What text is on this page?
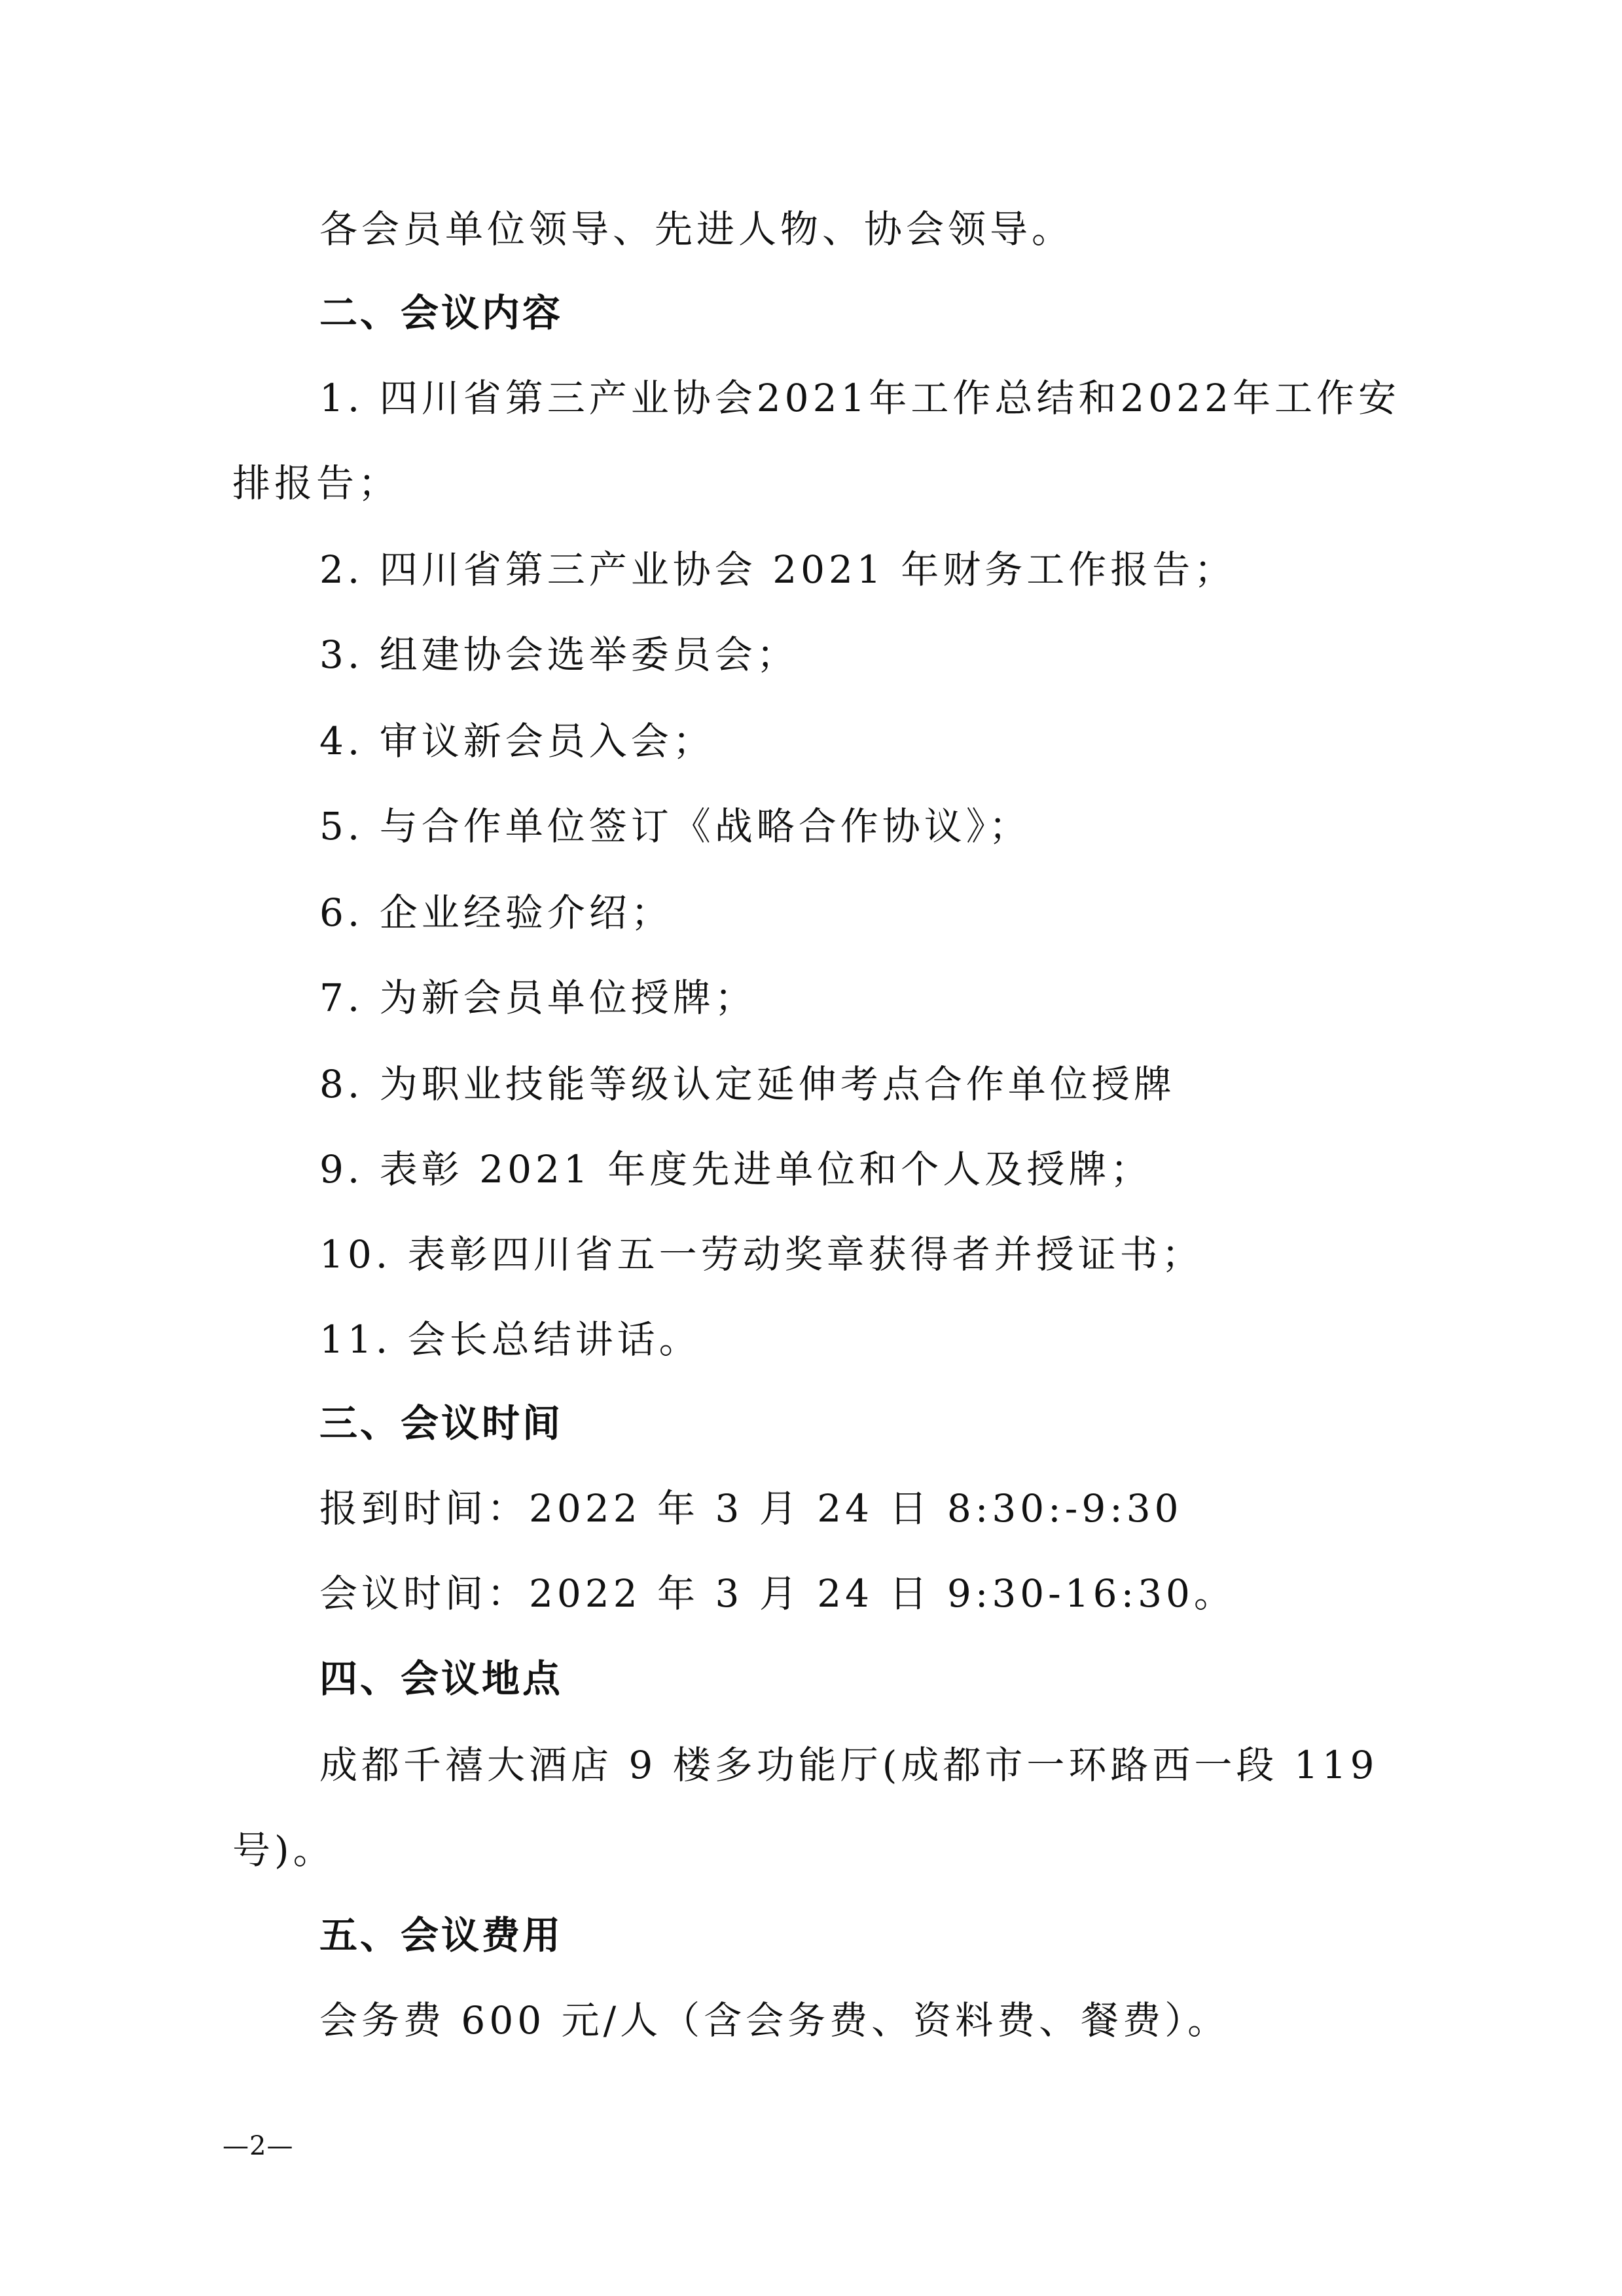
各会员单位领导、先进人物、协会领导。
二、会议内容
1. 四川省第三产业协会2021年工作总结和2022年工作安
排报告；
2. 四川省第三产业协会 2021 年财务工作报告；
3. 组建协会选举委员会；
4. 审议新会员入会；
5. 与合作单位签订《战略合作协议》；
6. 企业经验介绍；
7. 为新会员单位授牌；
8. 为职业技能等级认定延伸考点合作单位授牌
9. 表彰 2021 年度先进单位和个人及授牌；
10. 表彰四川省五一劳动奖章获得者并授证书；
11. 会长总结讲话。
三、会议时间
报到时间：2022 年 3 月 24 日 8:30:-9:30
会议时间：2022 年 3 月 24 日 9:30-16:30。
四、会议地点
成都千禧大酒店 9 楼多功能厅(成都市一环路西一段 119
号)。
五、会议费用
会务费 600 元/人（含会务费、资料费、餐费）。
—2—
